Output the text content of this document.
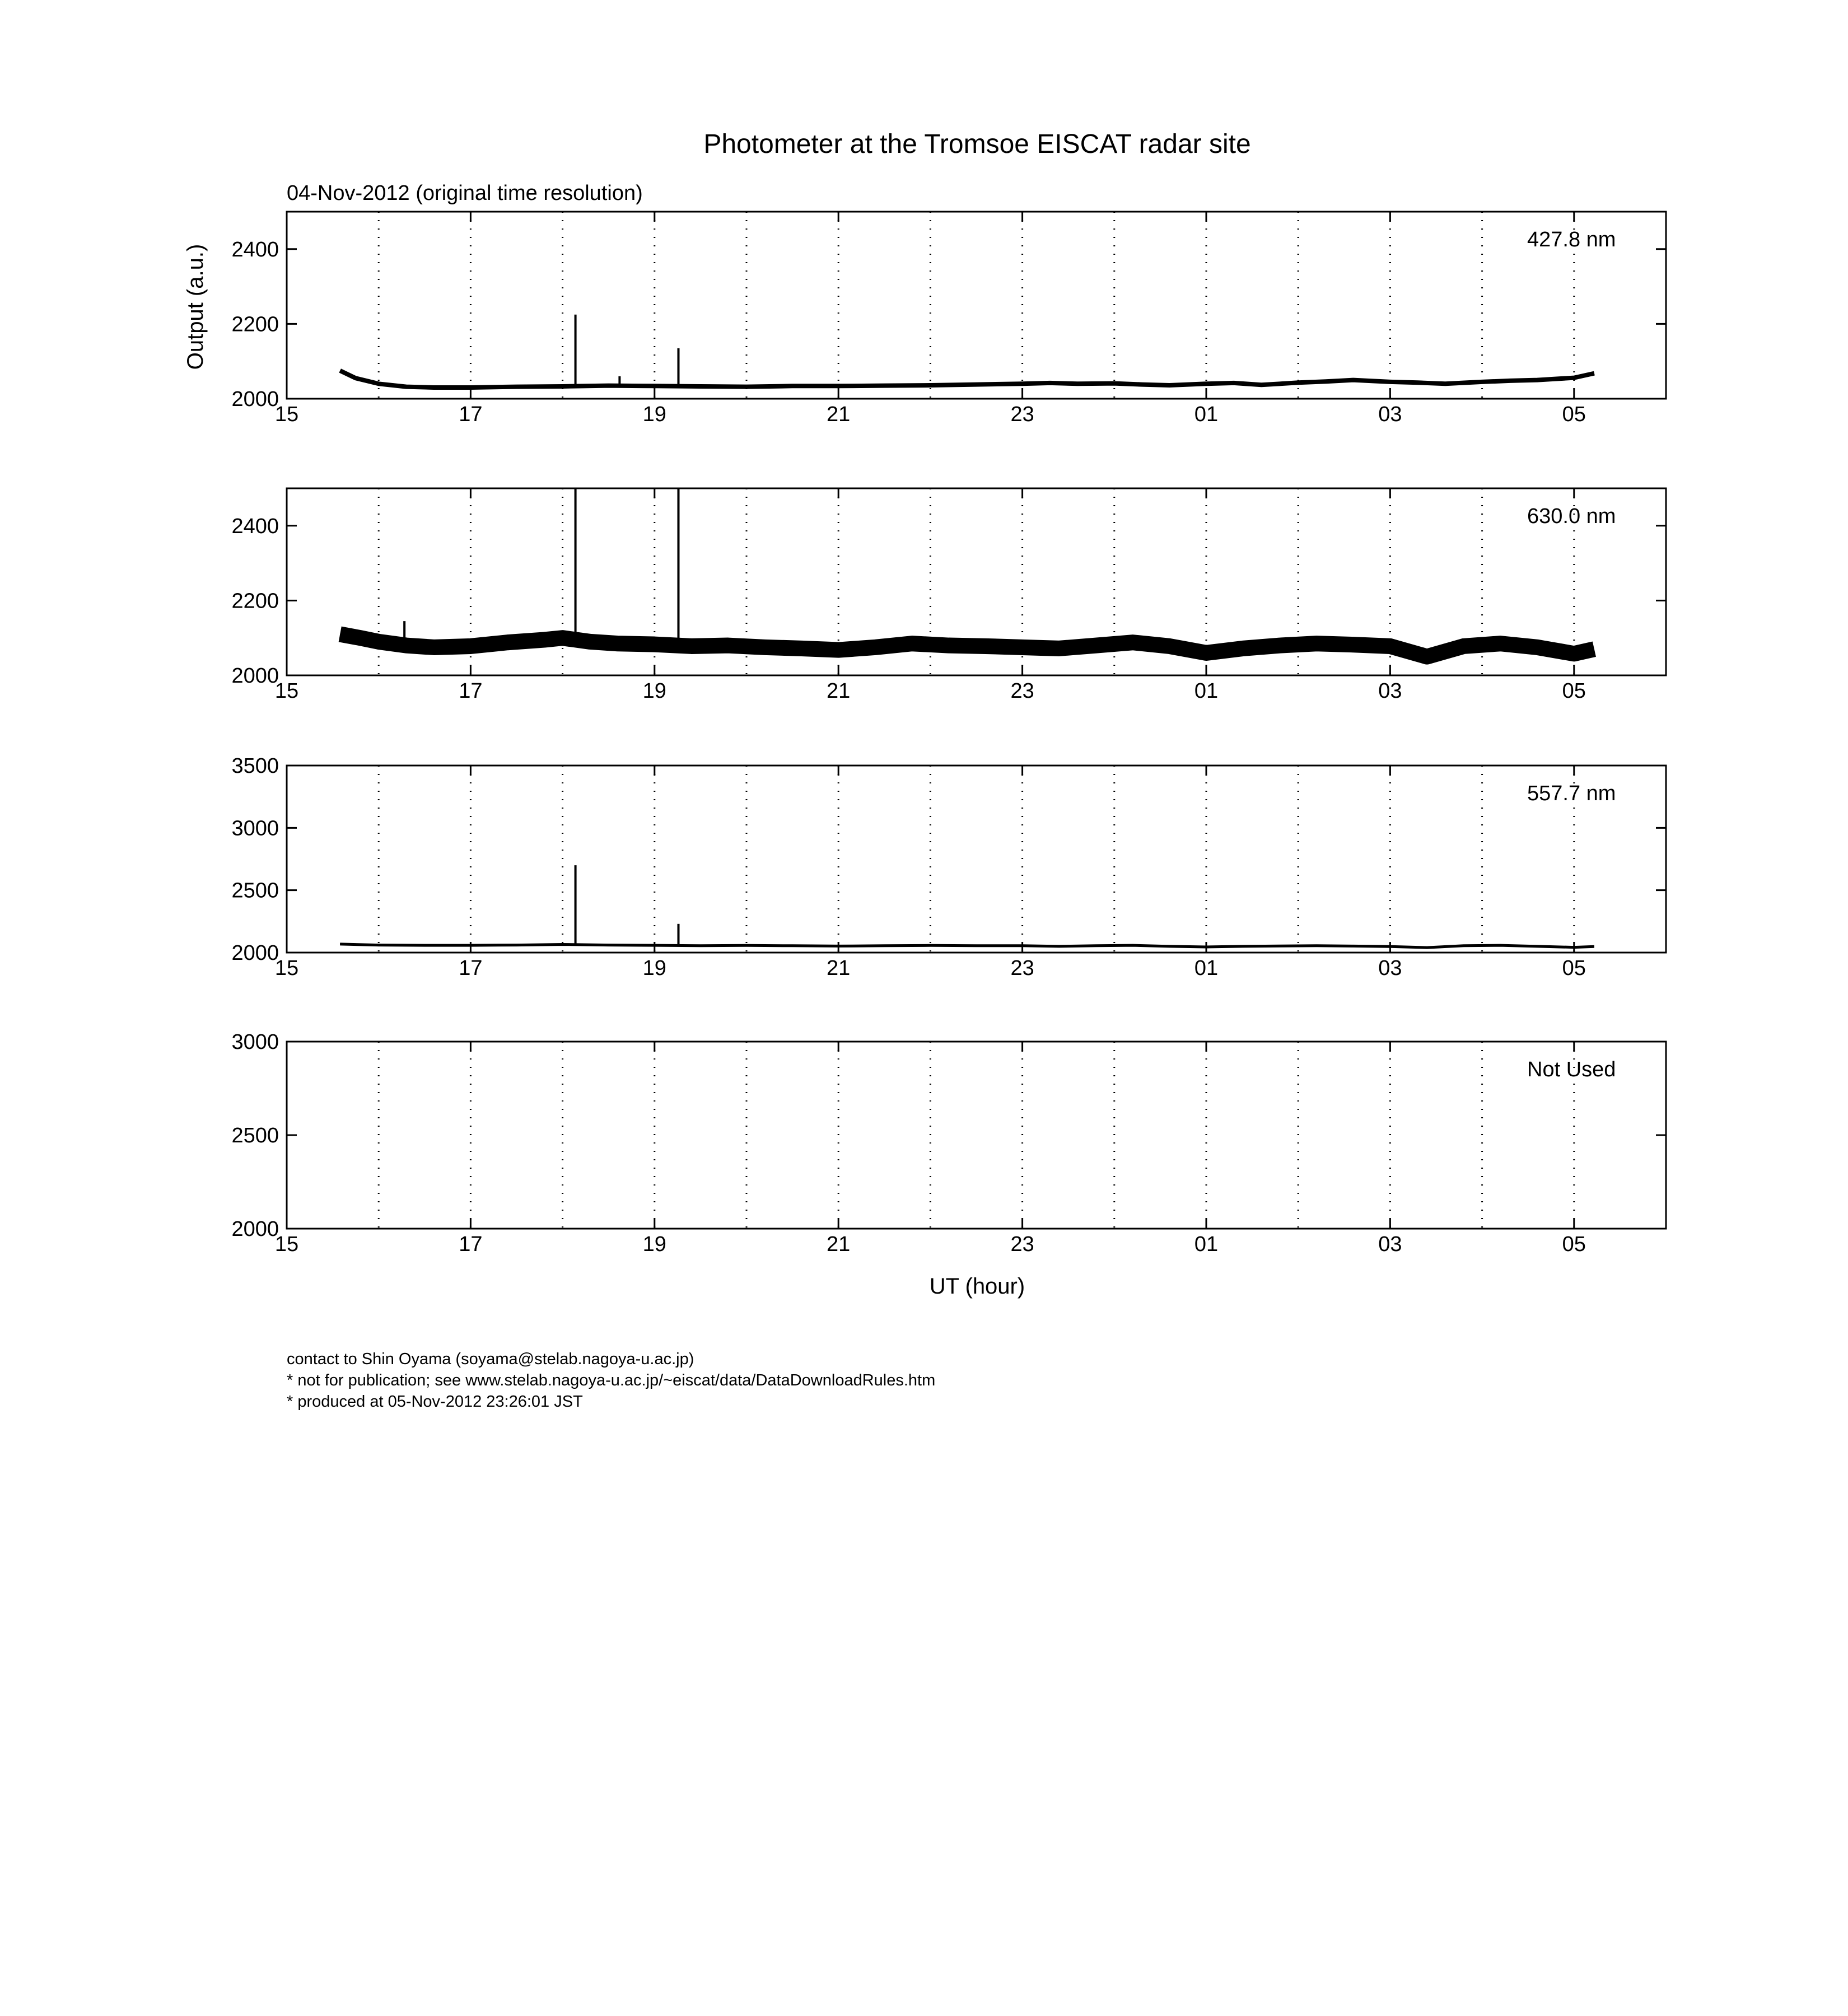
Photometer at the Tromsoe EISCAT radar site
04-Nov-2012 (original time resolution)
Output (a.u.)
UT (hour)
15	17	19	21	23	01	03	05
2000
2200
2400	427.8 nm
15	17	19	21	23	01	03	05
2000
2200
2400	630.0 nm
15	17	19	21	23	01	03	05
2000
2500
3000
3500
557.7 nm
15	17	19	21	23	01	03	05
2000
2500
3000
Not Used
contact to Shin Oyama (soyama@stelab.nagoya-u.ac.jp)
* not for publication; see www.stelab.nagoya-u.ac.jp/~eiscat/data/DataDownloadRules.htm
* produced at 05-Nov-2012 23:26:01 JST
